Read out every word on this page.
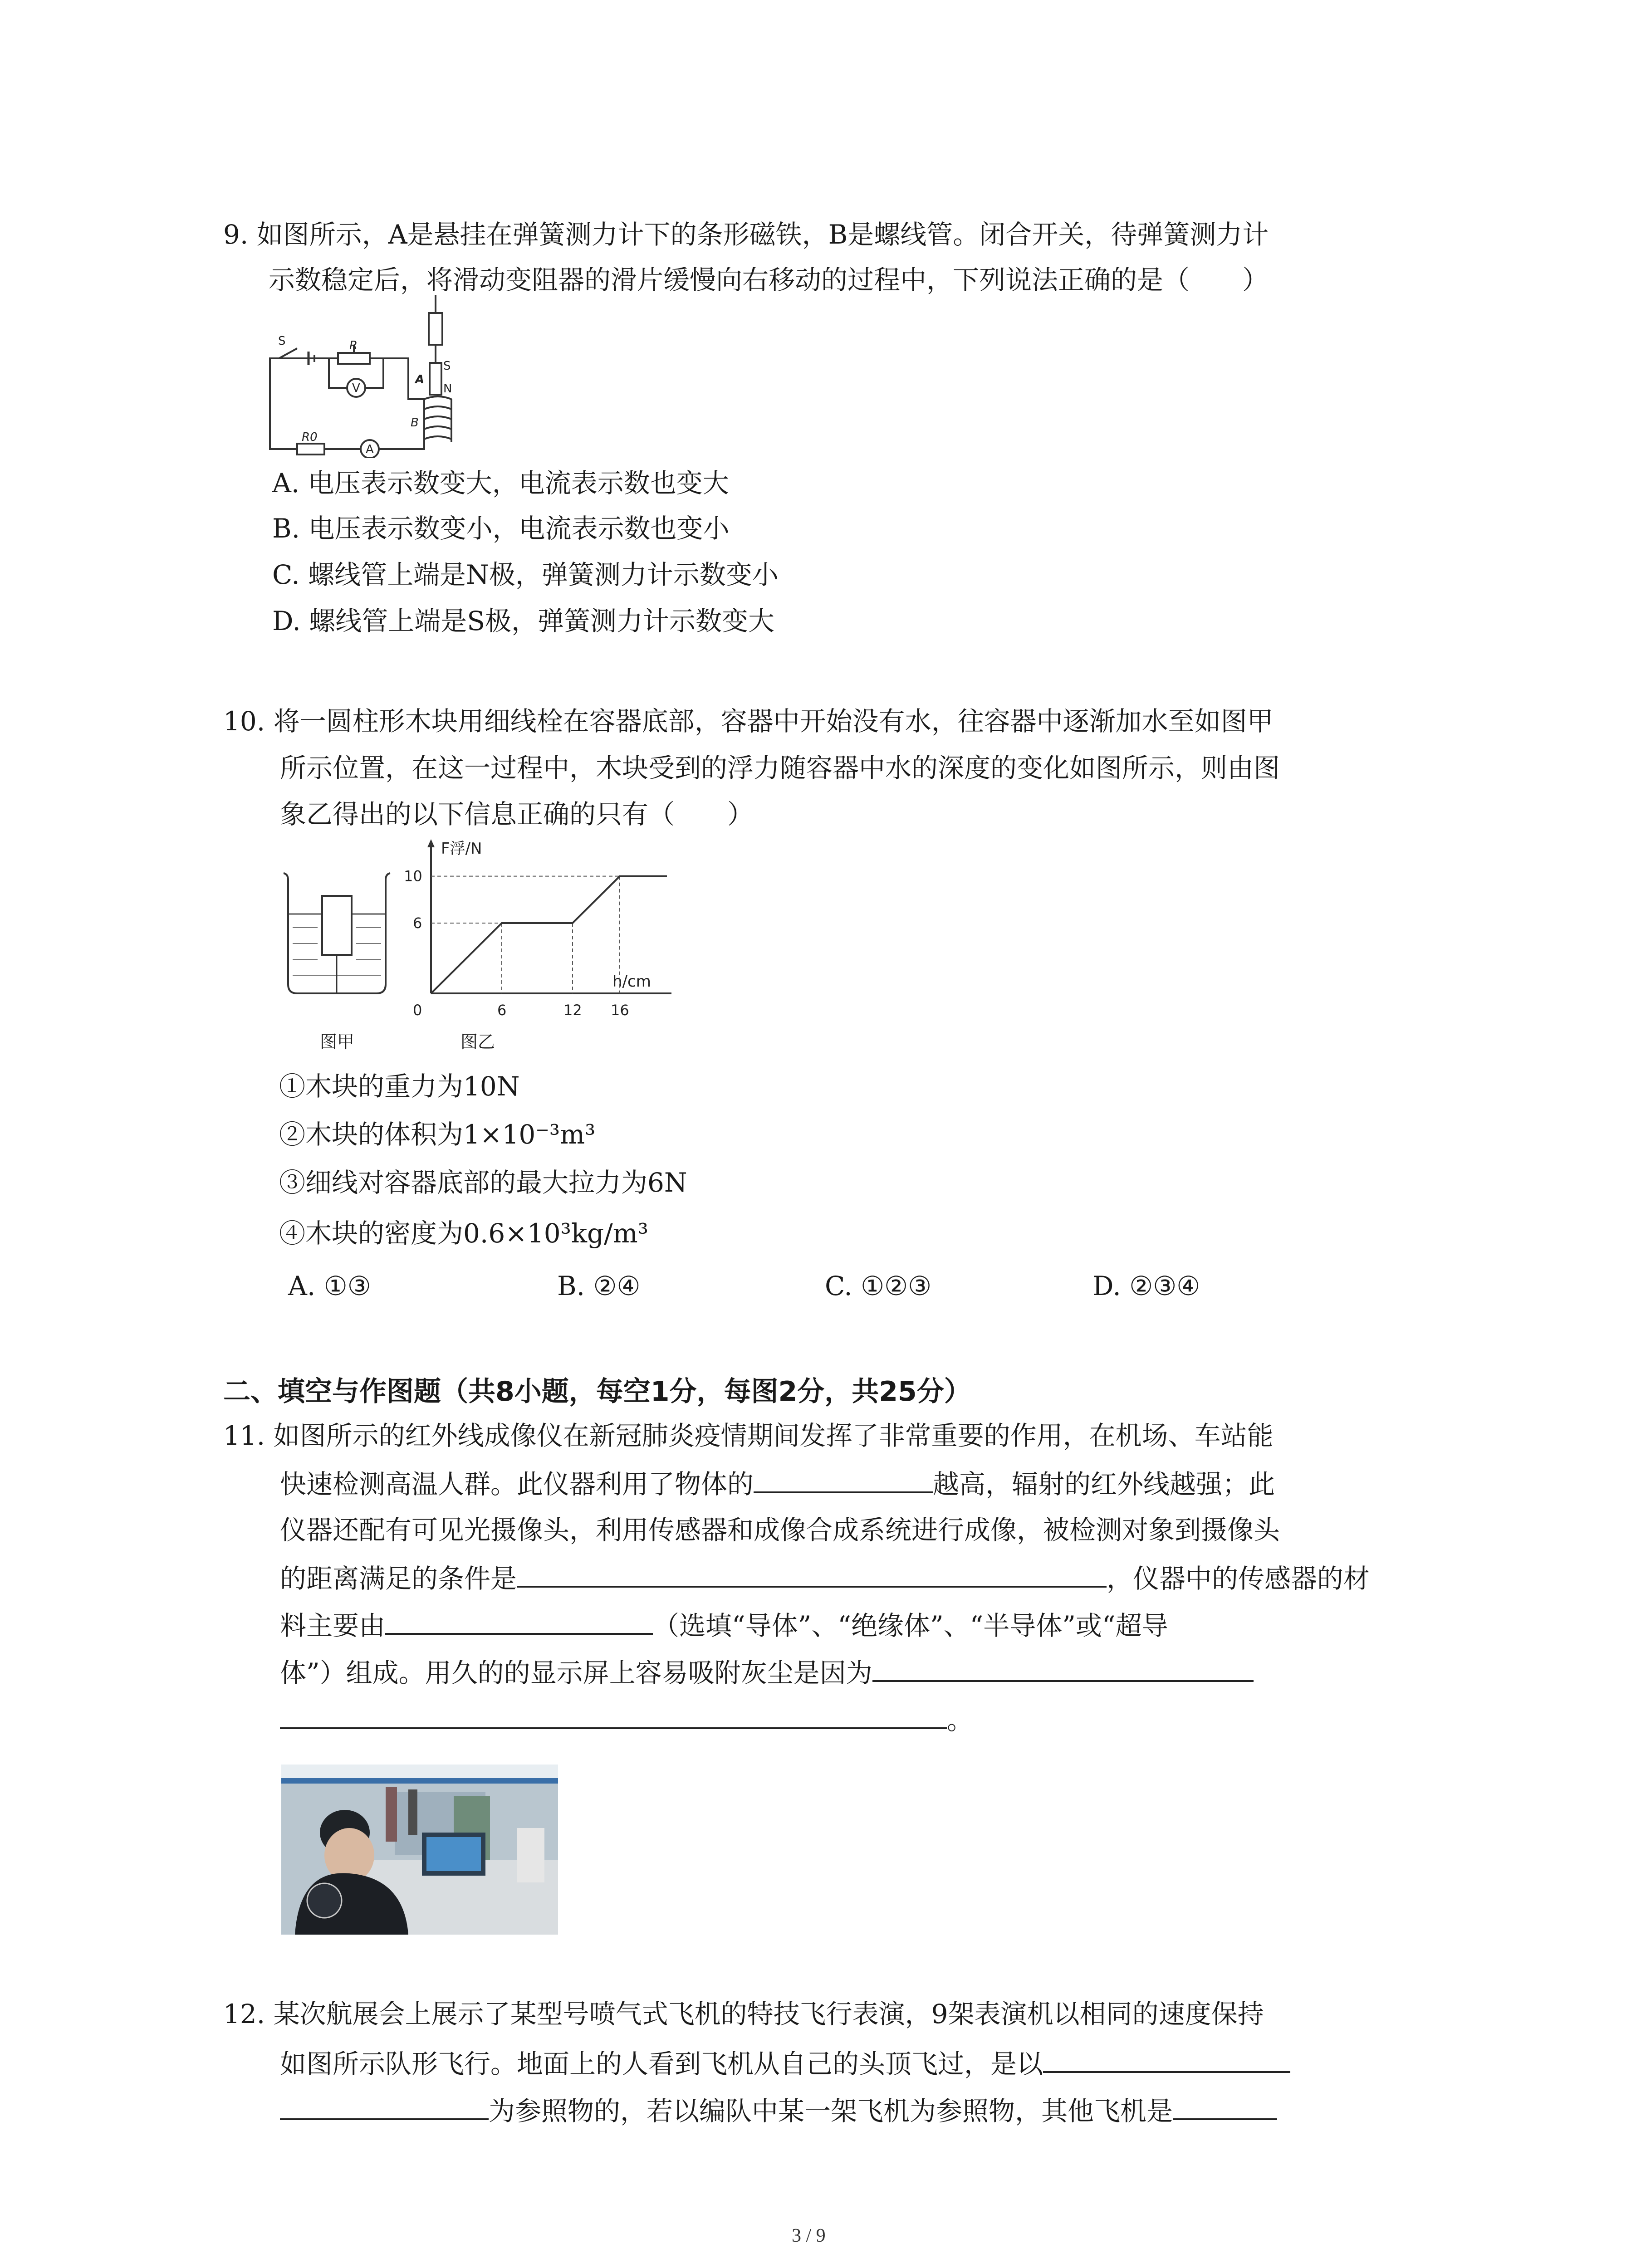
9. 如图所示，A是悬挂在弹簧测力计下的条形磁铁，B是螺线管。闭合开关，待弹簧测力计
示数稳定后，将滑动变阻器的滑片缓慢向右移动的过程中，下列说法正确的是（　　）
S	R
V
A
R0
A
S
N
B
A. 电压表示数变大，电流表示数也变大
B. 电压表示数变小，电流表示数也变小
C. 螺线管上端是N极，弹簧测力计示数变小
D. 螺线管上端是S极，弹簧测力计示数变大
10. 将一圆柱形木块用细线栓在容器底部，容器中开始没有水，往容器中逐渐加水至如图甲
所示位置，在这一过程中，木块受到的浮力随容器中水的深度的变化如图所示，则由图
象乙得出的以下信息正确的只有（　　）
F浮/N
h/cm
0	6	12 16
6
10
图甲	图乙
①木块的重力为10N
②木块的体积为1×10⁻³m³
③细线对容器底部的最大拉力为6N
④木块的密度为0.6×10³kg/m³
A. ①③	B. ②④	C. ①②③	D. ②③④
二、填空与作图题（共8小题，每空1分，每图2分，共25分）
11. 如图所示的红外线成像仪在新冠肺炎疫情期间发挥了非常重要的作用，在机场、车站能
快速检测高温人群。此仪器利用了物体的	越高，辐射的红外线越强；此
仪器还配有可见光摄像头，利用传感器和成像合成系统进行成像，被检测对象到摄像头
的距离满足的条件是	，仪器中的传感器的材
料主要由	（选填“导体”、“绝缘体”、“半导体”或“超导
体”）组成。用久的的显示屏上容易吸附灰尘是因为
。
12. 某次航展会上展示了某型号喷气式飞机的特技飞行表演，9架表演机以相同的速度保持
如图所示队形飞行。地面上的人看到飞机从自己的头顶飞过，是以
为参照物的，若以编队中某一架飞机为参照物，其他飞机是
3 / 9
